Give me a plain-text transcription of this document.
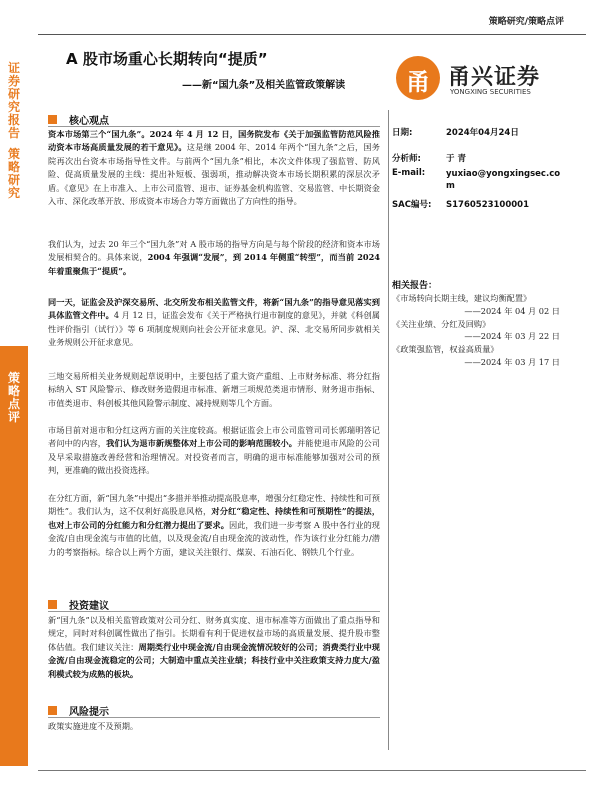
证券研究报告
策略研究
策略点评
策略研究/策略点评
A 股市场重心长期转向“提质”
——新“国九条”及相关监管政策解读	甬 甬兴证券
YONGXING SECURITIES
核心观点
资本市场第三个“国九条”。2024 年 4 月 12 日，国务院发布《关于加强监管防范风险推动资本市场高质量发展的若干意见》。这是继 2004 年、2014 年两个“国九条”之后，国务院再次出台资本市场指导性文件。与前两个“国九条”相比，本次文件体现了强监管、防风险、促高质量发展的主线：提出补短板、强弱项，推动解决资本市场长期积累的深层次矛盾。《意见》在上市准入、上市公司监管、退市、证券基金机构监管、交易监管、中长期资金入市、深化改革开放、形成资本市场合力等方面做出了方向性的指导。
我们认为，过去 20 年三个“国九条”对 A 股市场的指导方向是与每个阶段的经济和资本市场发展相契合的。具体来说，2004 年强调“发展”，到 2014 年侧重“转型”，而当前 2024 年着重聚焦于“提质”。
同一天，证监会及沪深交易所、北交所发布相关监管文件，将新“国九条”的指导意见落实到具体监管文件中。4 月 12 日，证监会发布《关于严格执行退市制度的意见》，并就《科创属性评价指引（试行）》等 6 项制度规则向社会公开征求意见。沪、深、北交易所同步就相关业务规则公开征求意见。
三地交易所相关业务规则起草说明中，主要包括了重大资产重组、上市财务标准、将分红指标纳入 ST 风险警示、修改财务造假退市标准、新增三项规范类退市情形、财务退市指标、市值类退市、科创板其他风险警示制度、减持规则等几个方面。
市场目前对退市和分红这两方面的关注度较高。根据证监会上市公司监管司司长郭瑞明答记者问中的内容，我们认为退市新规整体对上市公司的影响范围较小。并能使退市风险的公司及早采取措施改善经营和治理情况。对投资者而言，明确的退市标准能够加强对公司的预判，更准确的做出投资选择。
在分红方面，新“国九条”中提出“多措并举推动提高股息率，增强分红稳定性、持续性和可预期性”。我们认为，这不仅利好高股息风格，对分红“稳定性、持续性和可预期性”的提法，也对上市公司的分红能力和分红潜力提出了要求。因此，我们进一步考察 A 股中各行业的现金流/自由现金流与市值的比值，以及现金流/自由现金流的波动性，作为该行业分红能力/潜力的考察指标。综合以上两个方面，建议关注银行、煤炭、石油石化、钢铁几个行业。
投资建议
新“国九条”以及相关监管政策对公司分红、财务真实度、退市标准等方面做出了重点指导和规定，同时对科创属性做出了指引。长期看有利于促进权益市场的高质量发展、提升股市整体估值。我们建议关注：周期类行业中现金流/自由现金流情况较好的公司；消费类行业中现金流/自由现金流稳定的公司；大制造中重点关注业绩；科技行业中关注政策支持力度大/盈利模式较为成熟的板块。
风险提示
政策实施进度不及预期。
日期:	2024年04月24日
分析师:	于 青
E-mail: yuxiao@yongxingsec.com
SAC编号: S1760523100001
相关报告：
《市场转向长期主线，建议均衡配置》
——2024 年 04 月 02 日
《关注业绩、分红及回购》
——2024 年 03 月 22 日
《政策强监管，权益高质量》
——2024 年 03 月 17 日
